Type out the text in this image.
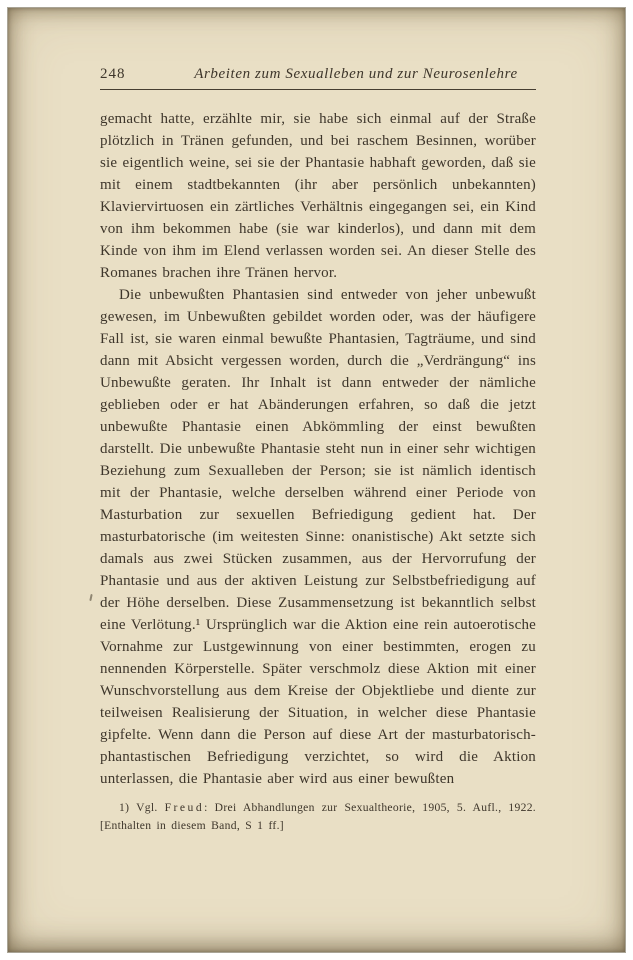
248	Arbeiten zum Sexualleben und zur Neurosenlehre

gemacht hatte, erzählte mir, sie habe sich einmal auf der Straße plötzlich in Tränen gefunden, und bei raschem Besinnen, worüber sie eigentlich weine, sei sie der Phantasie habhaft geworden, daß sie mit einem stadtbekannten (ihr aber persönlich unbekannten) Klaviervirtuosen ein zärtliches Verhältnis eingegangen sei, ein Kind von ihm bekommen habe (sie war kinderlos), und dann mit dem Kinde von ihm im Elend verlassen worden sei. An dieser Stelle des Romanes brachen ihre Tränen hervor.

Die unbewußten Phantasien sind entweder von jeher unbewußt gewesen, im Unbewußten gebildet worden oder, was der häufigere Fall ist, sie waren einmal bewußte Phantasien, Tagträume, und sind dann mit Absicht vergessen worden, durch die „Verdrängung“ ins Unbewußte geraten. Ihr Inhalt ist dann entweder der nämliche geblieben oder er hat Abänderungen erfahren, so daß die jetzt unbewußte Phantasie einen Abkömmling der einst bewußten darstellt. Die unbewußte Phantasie steht nun in einer sehr wichtigen Beziehung zum Sexualleben der Person; sie ist nämlich identisch mit der Phantasie, welche derselben während einer Periode von Masturbation zur sexuellen Befriedigung gedient hat. Der masturbatorische (im weitesten Sinne: onanistische) Akt setzte sich damals aus zwei Stücken zusammen, aus der Hervorrufung der Phantasie und aus der aktiven Leistung zur Selbstbefriedigung auf der Höhe derselben. Diese Zusammensetzung ist bekanntlich selbst eine Verlötung.¹ Ursprünglich war die Aktion eine rein autoerotische Vornahme zur Lustgewinnung von einer bestimmten, erogen zu nennenden Körperstelle. Später verschmolz diese Aktion mit einer Wunschvorstellung aus dem Kreise der Objektliebe und diente zur teilweisen Realisierung der Situation, in welcher diese Phantasie gipfelte. Wenn dann die Person auf diese Art der masturbatorisch-phantastischen Befriedigung verzichtet, so wird die Aktion unterlassen, die Phantasie aber wird aus einer bewußten

1) Vgl. Freud: Drei Abhandlungen zur Sexualtheorie, 1905, 5. Aufl., 1922.
[Enthalten in diesem Band, S 1 ff.]
